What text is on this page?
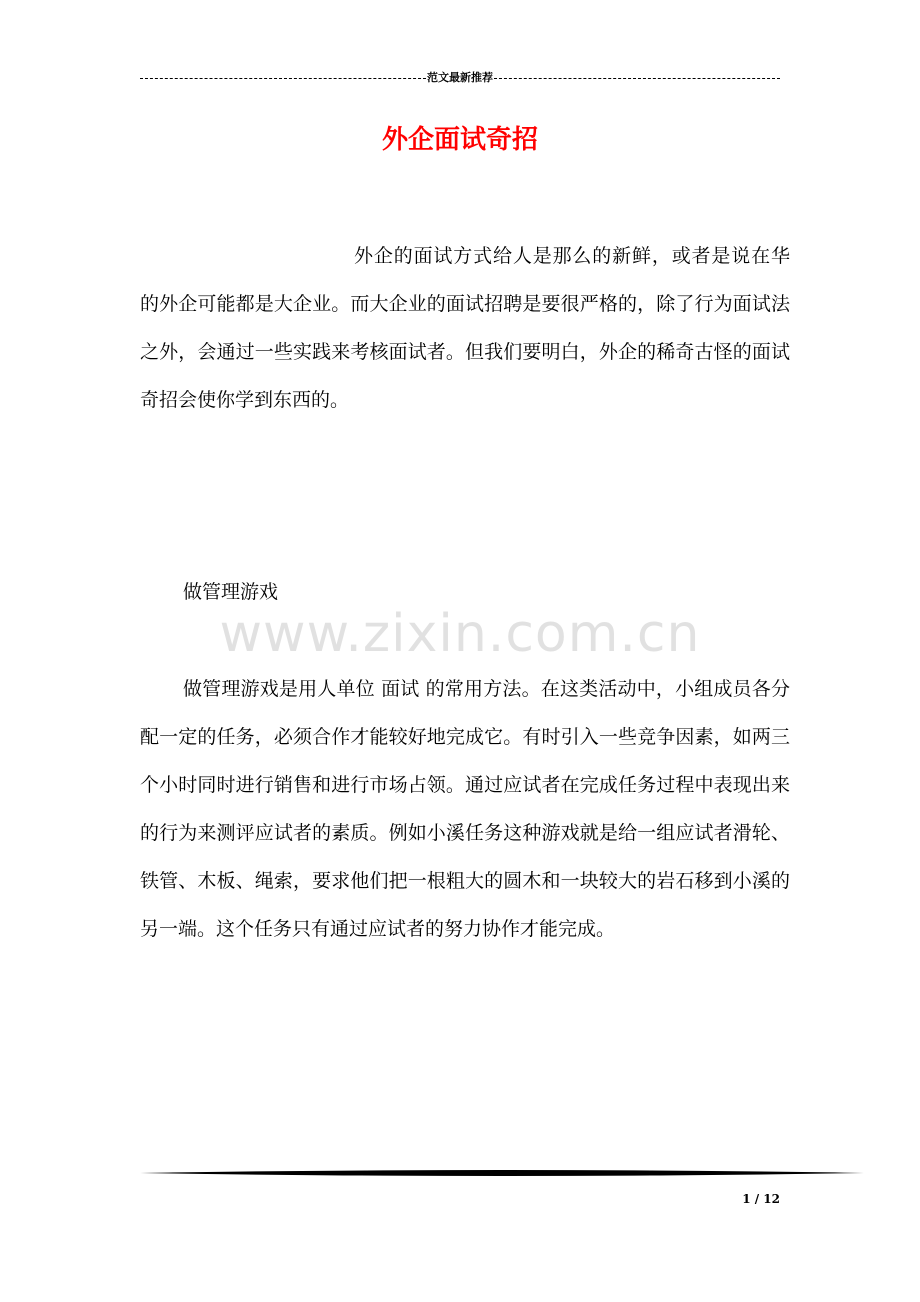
范文最新推荐
外企面试奇招
外企的面试方式给人是那么的新鲜，或者是说在华的外企可能都是大企业。而大企业的面试招聘是要很严格的，除了行为面试法之外，会通过一些实践来考核面试者。但我们要明白，外企的稀奇古怪的面试奇招会使你学到东西的。
做管理游戏
www.zixin.com.cn
做管理游戏是用人单位 面试 的常用方法。在这类活动中，小组成员各分配一定的任务，必须合作才能较好地完成它。有时引入一些竞争因素，如两三个小时同时进行销售和进行市场占领。通过应试者在完成任务过程中表现出来的行为来测评应试者的素质。例如小溪任务这种游戏就是给一组应试者滑轮、铁管、木板、绳索，要求他们把一根粗大的圆木和一块较大的岩石移到小溪的另一端。这个任务只有通过应试者的努力协作才能完成。
1 / 12
